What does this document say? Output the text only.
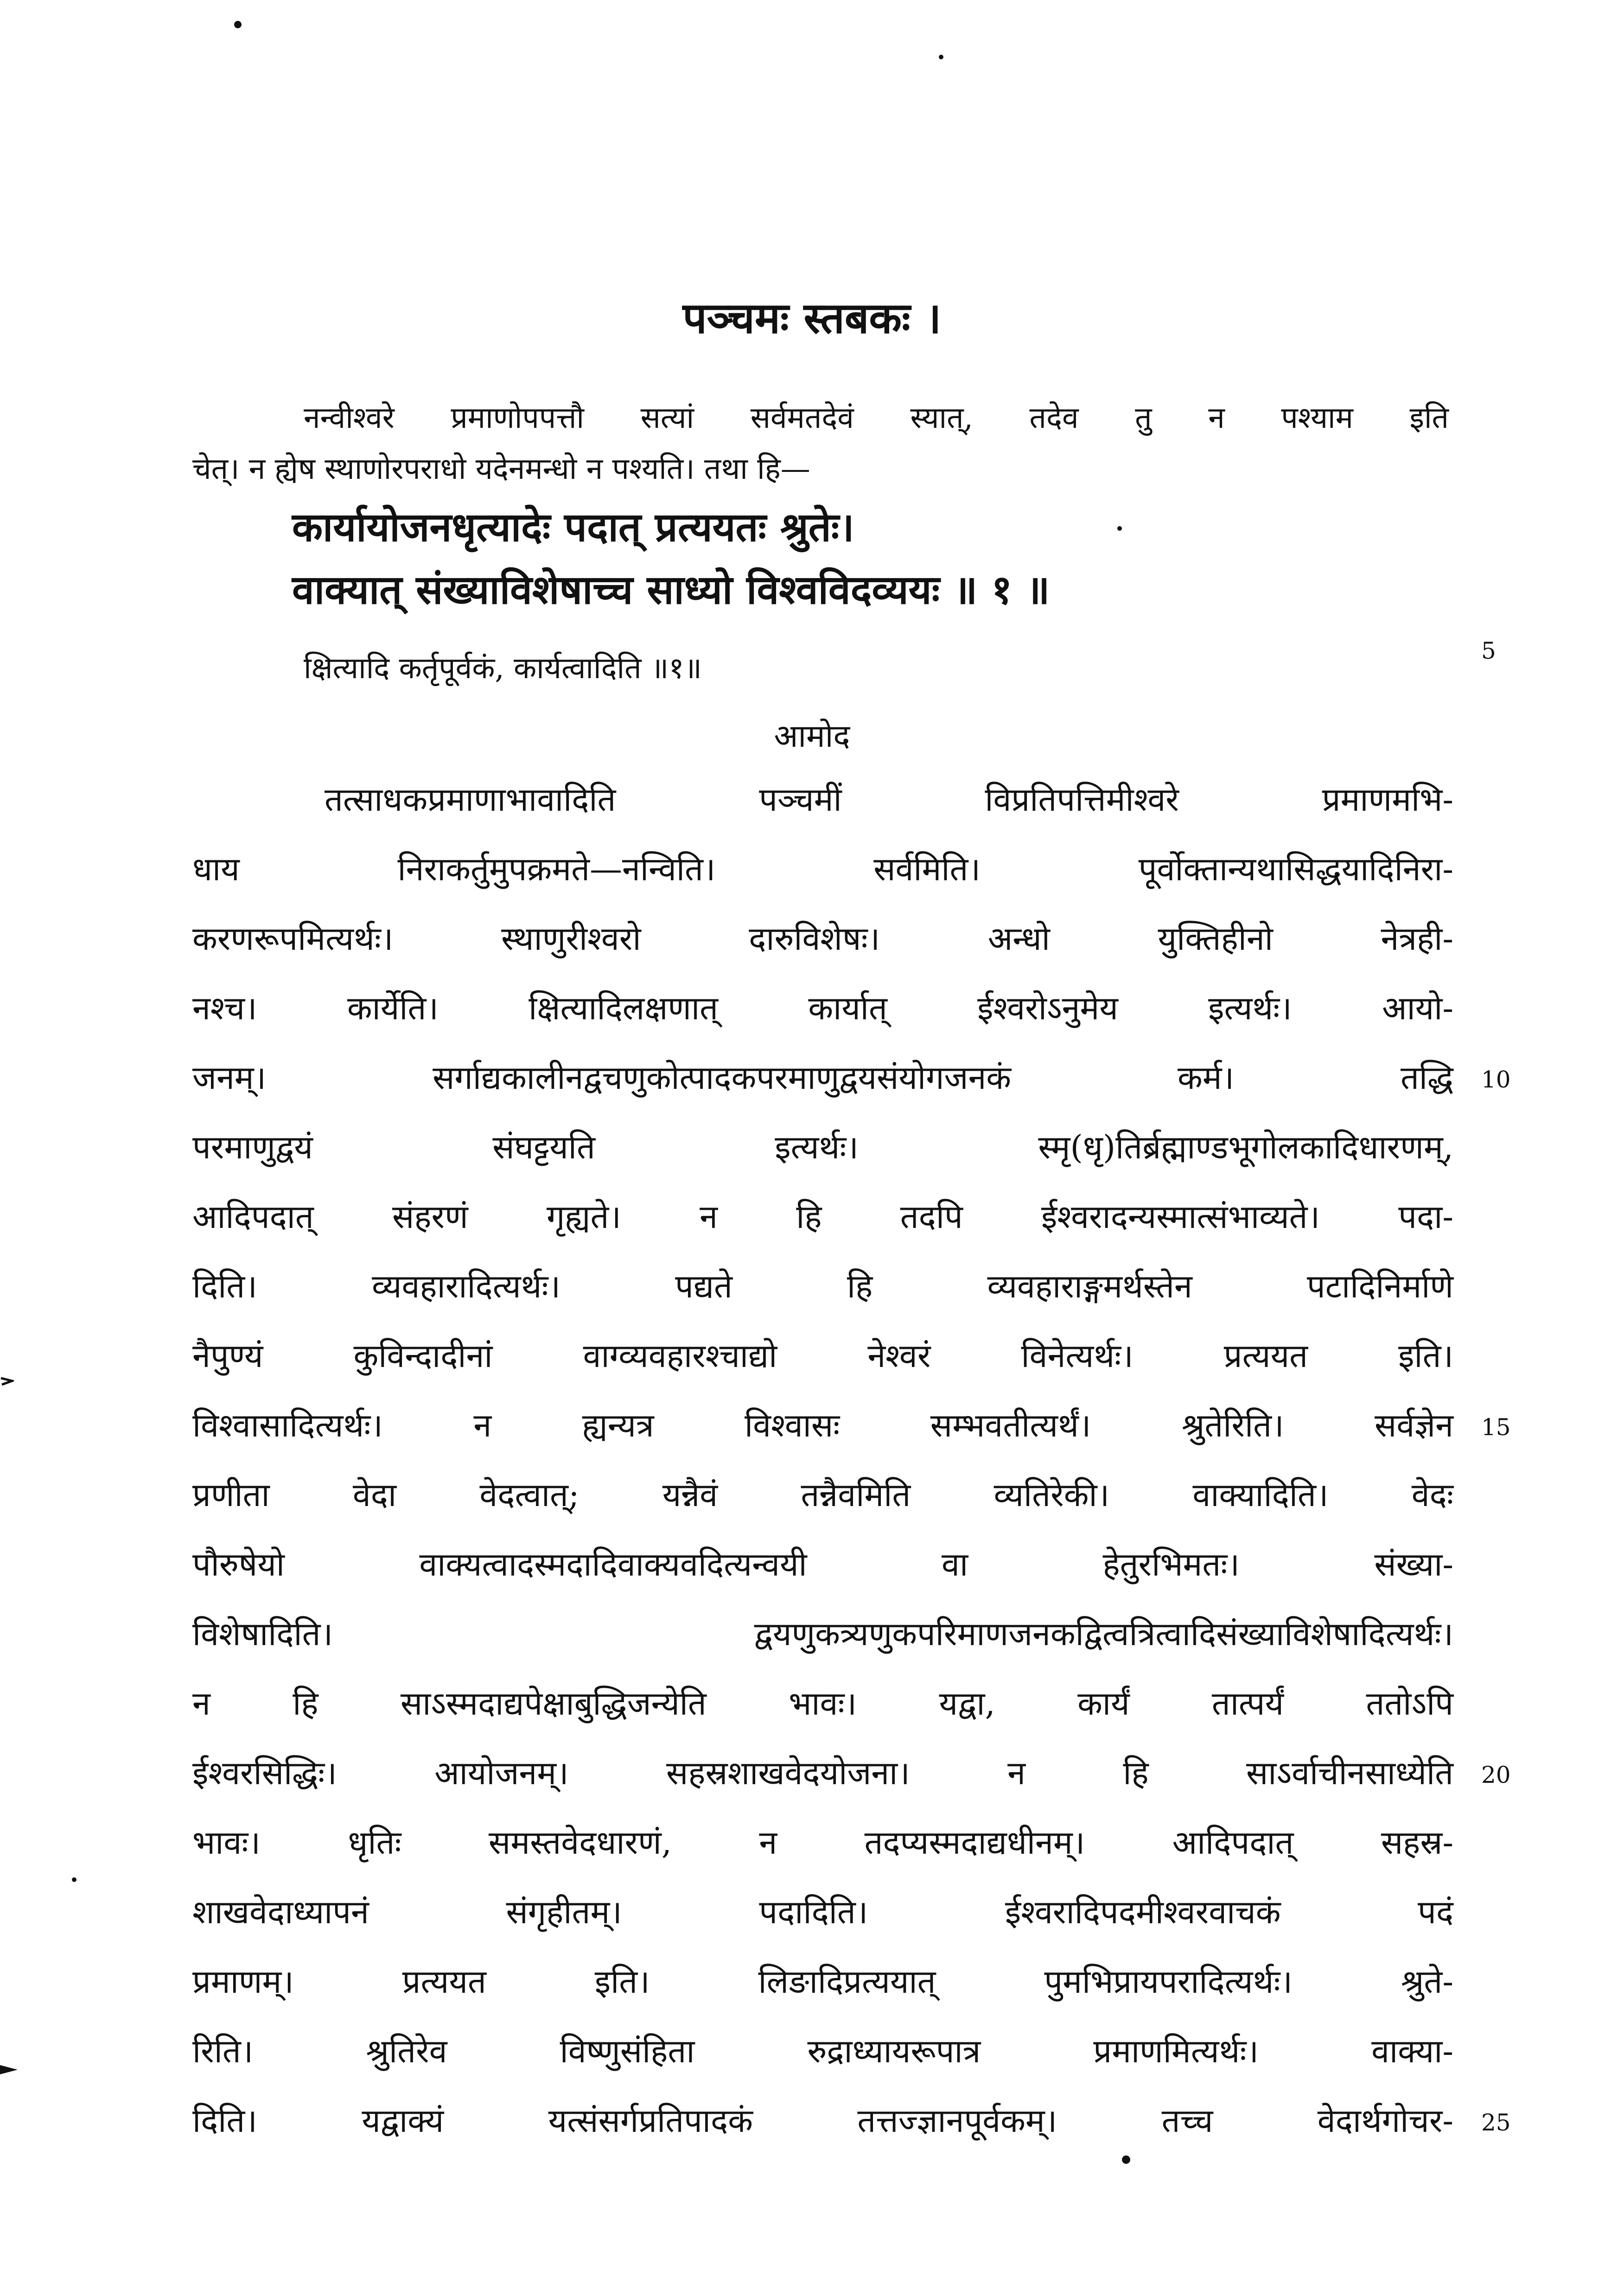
पञ्चमः स्तबकः ।
नन्वीश्वरे प्रमाणोपपत्तौ सत्यां सर्वमतदेवं स्यात्, तदेव तु न पश्याम इति
चेत्। न ह्येष स्थाणोरपराधो यदेनमन्धो न पश्यति। तथा हि—
कार्यायोजनधृत्यादेः पदात् प्रत्ययतः श्रुतेः।
वाक्यात् संख्याविशेषाच्च साध्यो विश्वविदव्ययः ॥ १ ॥
क्षित्यादि कर्तृपूर्वकं, कार्यत्वादिति ॥१॥
आमोद
तत्साधकप्रमाणाभावादिति पञ्चमीं विप्रतिपत्तिमीश्वरे प्रमाणमभि-
धाय निराकर्तुमुपक्रमते—नन्विति। सर्वमिति। पूर्वोक्तान्यथासिद्धयादिनिरा-
करणरूपमित्यर्थः। स्थाणुरीश्वरो दारुविशेषः। अन्धो युक्तिहीनो नेत्रही-
नश्च। कार्येति। क्षित्यादिलक्षणात् कार्यात् ईश्वरोऽनुमेय इत्यर्थः। आयो-
जनम्। सर्गाद्यकालीनद्वचणुकोत्पादकपरमाणुद्वयसंयोगजनकं कर्म। तद्धि
परमाणुद्वयं संघट्टयति इत्यर्थः। स्मृ(धृ)तिर्ब्रह्माण्डभूगोलकादिधारणम्,
आदिपदात् संहरणं गृह्यते। न हि तदपि ईश्वरादन्यस्मात्संभाव्यते। पदा-
दिति। व्यवहारादित्यर्थः। पद्यते हि व्यवहाराङ्गमर्थस्तेन पटादिनिर्माणे
नैपुण्यं कुविन्दादीनां वाग्व्यवहारश्चाद्यो नेश्वरं विनेत्यर्थः। प्रत्ययत इति।
विश्वासादित्यर्थः। न ह्यन्यत्र विश्वासः सम्भवतीत्यर्थं। श्रुतेरिति। सर्वज्ञेन
प्रणीता वेदा वेदत्वात्; यन्नैवं तन्नैवमिति व्यतिरेकी। वाक्यादिति। वेदः
पौरुषेयो वाक्यत्वादस्मदादिवाक्यवदित्यन्वयी वा हेतुरभिमतः। संख्या-
विशेषादिति। द्वयणुकत्र्यणुकपरिमाणजनकद्वित्वत्रित्वादिसंख्याविशेषादित्यर्थः।
न हि साऽस्मदाद्यपेक्षाबुद्धिजन्येति भावः। यद्वा, कार्यं तात्पर्यं ततोऽपि
ईश्वरसिद्धिः। आयोजनम्। सहस्रशाखवेदयोजना। न हि साऽर्वाचीनसाध्येति
भावः। धृतिः समस्तवेदधारणं, न तदप्यस्मदाद्यधीनम्। आदिपदात् सहस्र-
शाखवेदाध्यापनं संगृहीतम्। पदादिति। ईश्वरादिपदमीश्वरवाचकं पदं
प्रमाणम्। प्रत्ययत इति। लिङादिप्रत्ययात् पुमभिप्रायपरादित्यर्थः। श्रुते-
रिति। श्रुतिरेव विष्णुसंहिता रुद्राध्यायरूपात्र प्रमाणमित्यर्थः। वाक्या-
दिति। यद्वाक्यं यत्संसर्गप्रतिपादकं तत्तज्ज्ञानपूर्वकम्। तच्च वेदार्थगोचर-
5
10
15
20
25
